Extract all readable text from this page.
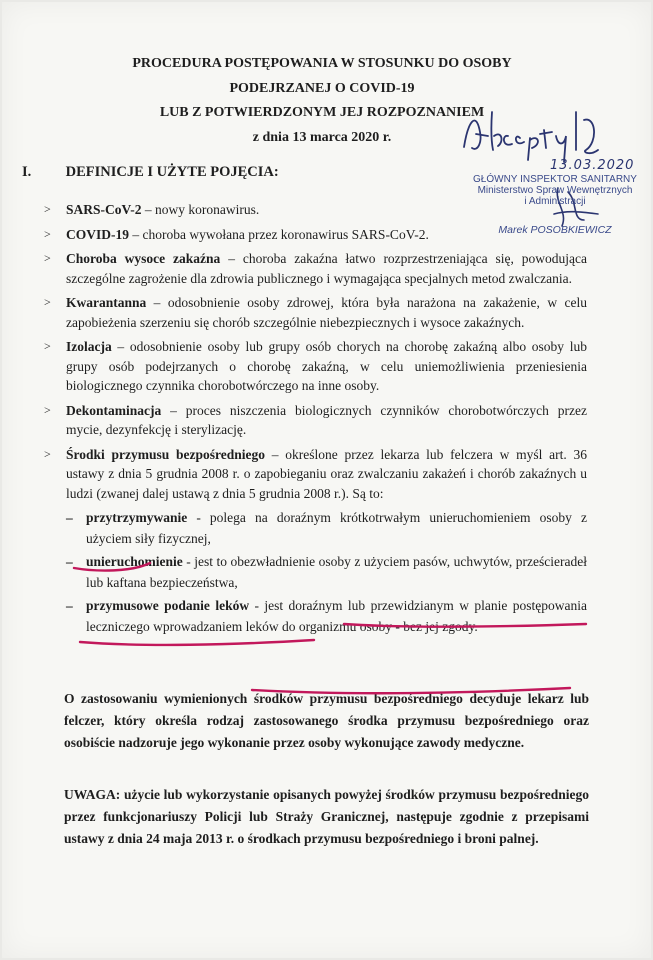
PROCEDURA POSTĘPOWANIA W STOSUNKU DO OSOBY
PODEJRZANEJ O COVID-19
LUB Z POTWIERDZONYM JEJ ROZPOZNANIEM
z dnia 13 marca 2020 r.
13.03.2020
GŁÓWNY INSPEKTOR SANITARNY
Ministerstwo Spraw Wewnętrznych
i Administracji
Marek POSOBKIEWICZ
I. DEFINICJE I UŻYTE POJĘCIA:
> SARS-CoV-2 – nowy koronawirus.
> COVID-19 – choroba wywołana przez koronawirus SARS-CoV-2.
> Choroba wysoce zakaźna – choroba zakaźna łatwo rozprzestrzeniająca się, powodująca szczególne zagrożenie dla zdrowia publicznego i wymagająca specjalnych metod zwalczania.
> Kwarantanna – odosobnienie osoby zdrowej, która była narażona na zakażenie, w celu zapobieżenia szerzeniu się chorób szczególnie niebezpiecznych i wysoce zakaźnych.
> Izolacja – odosobnienie osoby lub grupy osób chorych na chorobę zakaźną albo osoby lub grupy osób podejrzanych o chorobę zakaźną, w celu uniemożliwienia przeniesienia biologicznego czynnika chorobotwórczego na inne osoby.
> Dekontaminacja – proces niszczenia biologicznych czynników chorobotwórczych przez mycie, dezynfekcję i sterylizację.
> Środki przymusu bezpośredniego – określone przez lekarza lub felczera w myśl art. 36 ustawy z dnia 5 grudnia 2008 r. o zapobieganiu oraz zwalczaniu zakażeń i chorób zakaźnych u ludzi (zwanej dalej ustawą z dnia 5 grudnia 2008 r.). Są to:
– przytrzymywanie - polega na doraźnym krótkotrwałym unieruchomieniem osoby z użyciem siły fizycznej,
– unieruchomienie - jest to obezwładnienie osoby z użyciem pasów, uchwytów, prześcieradeł lub kaftana bezpieczeństwa,
– przymusowe podanie leków - jest doraźnym lub przewidzianym w planie postępowania leczniczego wprowadzaniem leków do organizmu osoby - bez jej zgody.
O zastosowaniu wymienionych środków przymusu bezpośredniego decyduje lekarz lub felczer, który określa rodzaj zastosowanego środka przymusu bezpośredniego oraz osobiście nadzoruje jego wykonanie przez osoby wykonujące zawody medyczne.
UWAGA: użycie lub wykorzystanie opisanych powyżej środków przymusu bezpośredniego przez funkcjonariuszy Policji lub Straży Granicznej, następuje zgodnie z przepisami ustawy z dnia 24 maja 2013 r. o środkach przymusu bezpośredniego i broni palnej.
